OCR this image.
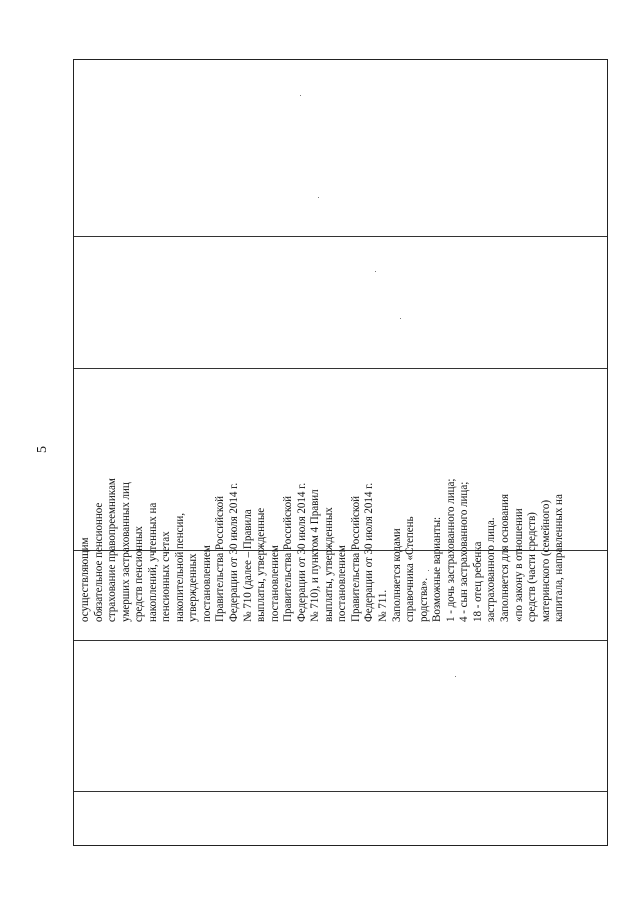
5
осуществляющим обязательное пенсионное страхование правопреемникам умерших застрахованных лиц средств пенсионных накоплений, учтенных на пенсионных счетах накопительной пенсии, утвержденных постановлением Правительства Российской Федерации от 30 июля 2014 г. № 710 (далее – Правила выплаты, утвержденные постановлением Правительства Российской Федерации от 30 июля 2014 г. № 710), и пунктом 4 Правил выплаты, утвержденных постановлением Правительства Российской Федерации от 30 июля 2014 г. № 711. Заполняется кодами справочника «Степень родства». Возможные варианты: 1 - дочь застрахованного лица; 4 - сын застрахованного лица; 18 - отец ребенка застрахованного лица. Заполняется для основания «по закону в отношении средств (части средств) материнского (семейного) капитала, направленных на
